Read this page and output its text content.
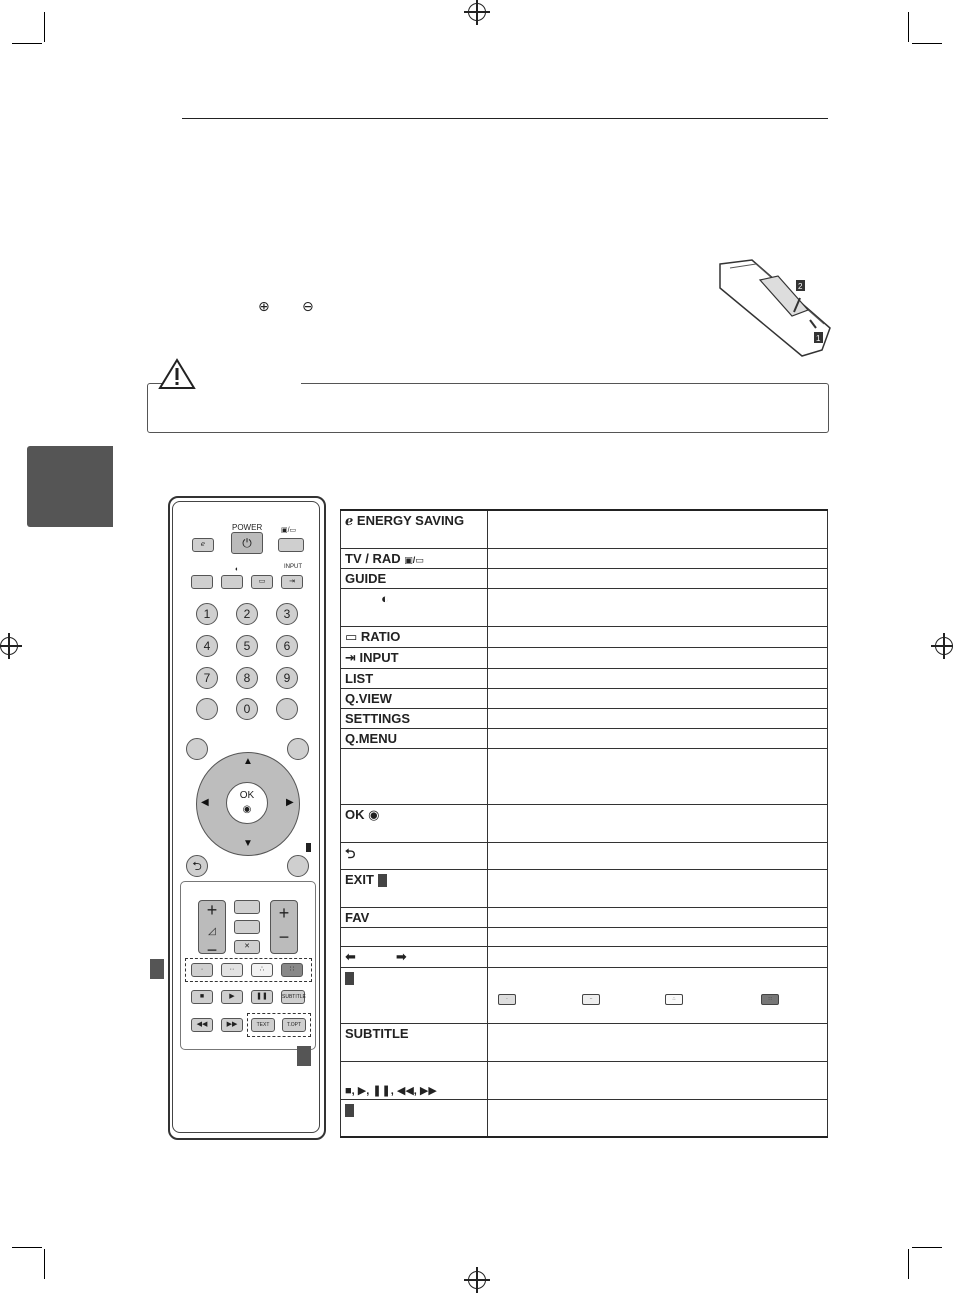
⊕ ⊖
2
1
POWER
ℯ	⏻
▣/▭
◐	INPUT
▭	⇥
1	2	3
4	5	6
7	8	9
0
▲
▼
◀	▶
OK
◉
⮌
+
◿
−
+
−
✕
·	··	∴	∷
■	▶	❚❚	SUBTITLE
◀◀	▶▶	TEXT	T.OPT
ℯ ENERGY SAVING	
TV / RAD ▣/▭	
GUIDE	
◐	
▭ RATIO	
⇥ INPUT	
LIST	
Q.VIEW	
SETTINGS	
Q.MENU	

OK ◉	
⮌	
EXIT	
FAV	

⬅ ➡	

SUBTITLE	
■, ▶, ❚❚, ◀◀, ▶▶	

·	··	∴	∷
